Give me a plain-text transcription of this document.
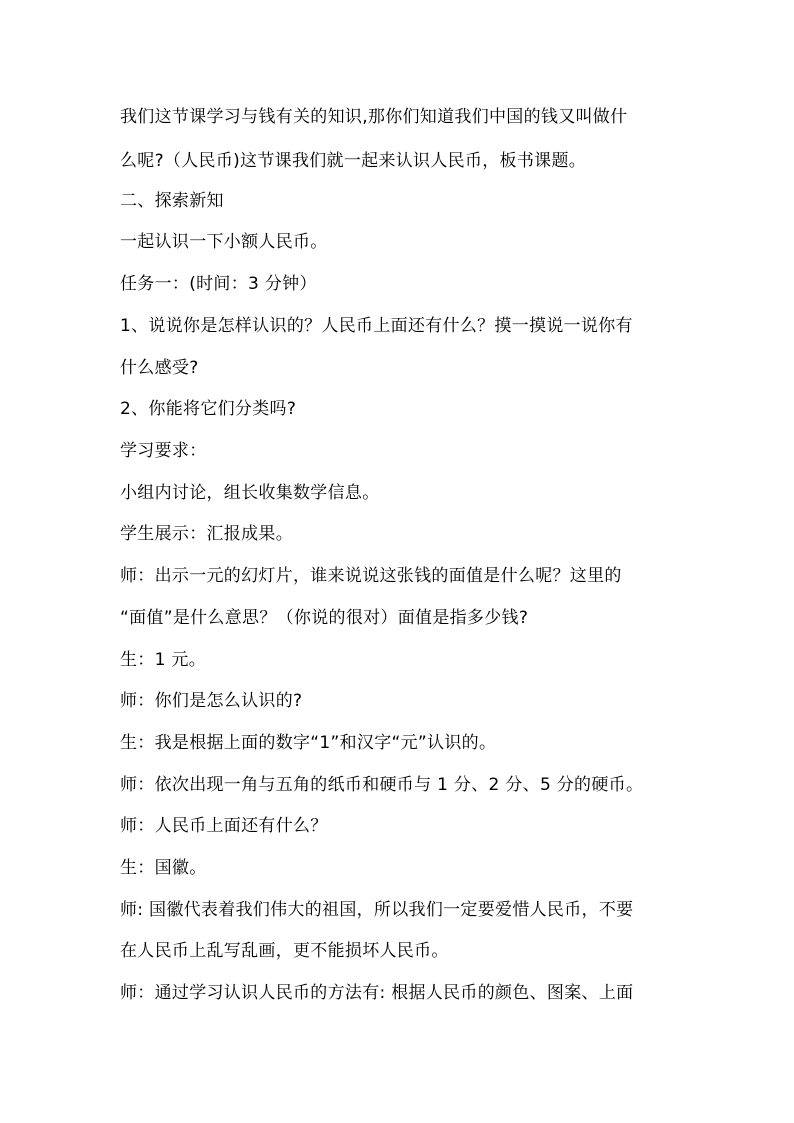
我们这节课学习与钱有关的知识,那你们知道我们中国的钱又叫做什

么呢?（人民币)这节课我们就一起来认识人民币，板书课题。

二、探索新知

一起认识一下小额人民币。

任务一：(时间：3 分钟）

1、说说你是怎样认识的？人民币上面还有什么？摸一摸说一说你有

什么感受?

2、你能将它们分类吗?

学习要求：

小组内讨论，组长收集数学信息。

学生展示：汇报成果。

师：出示一元的幻灯片，谁来说说这张钱的面值是什么呢？这里的

“面值”是什么意思？（你说的很对）面值是指多少钱?

生：1 元。

师：你们是怎么认识的?

生：我是根据上面的数字“1”和汉字“元”认识的。

师：依次出现一角与五角的纸币和硬币与 1 分、2 分、5 分的硬币。

师：人民币上面还有什么？

生：国徽。

师: 国徽代表着我们伟大的祖国，所以我们一定要爱惜人民币，不要

在人民币上乱写乱画，更不能损坏人民币。

师：通过学习认识人民币的方法有: 根据人民币的颜色、图案、上面
